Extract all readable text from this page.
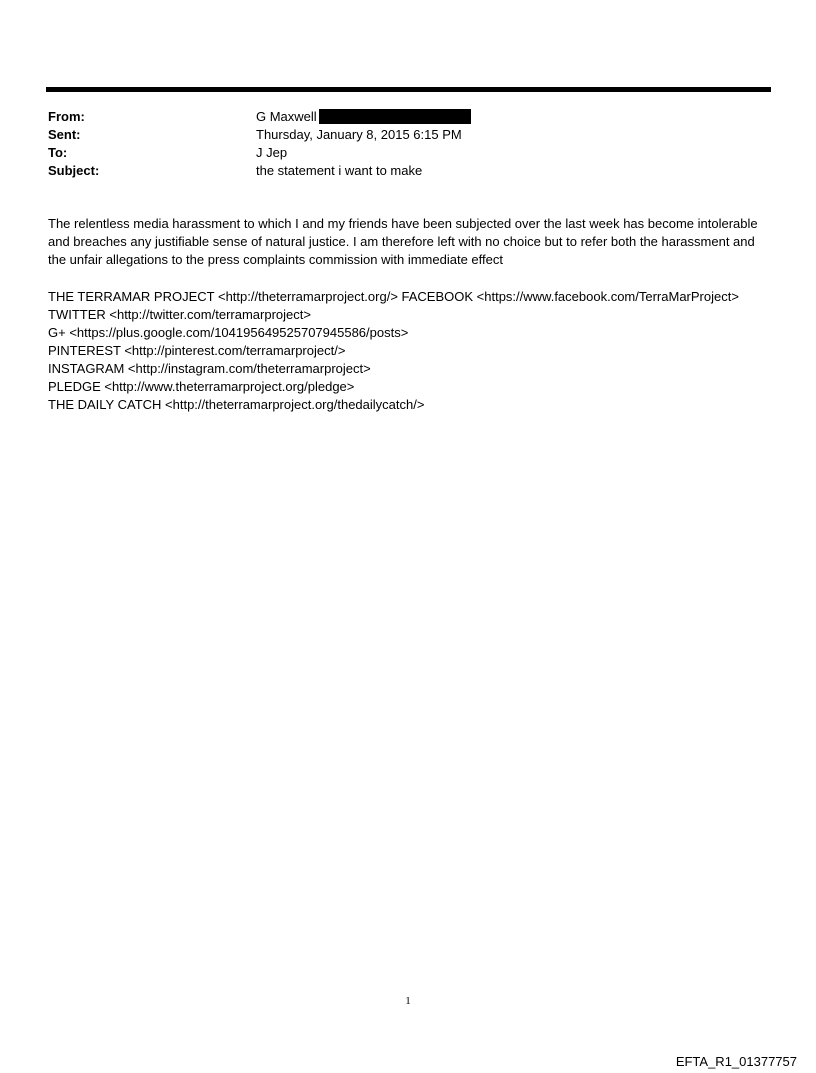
From:	G Maxwell
Sent:	Thursday, January 8, 2015 6:15 PM
To:	J Jep
Subject:	the statement i want to make

The relentless media harassment to which I and my friends have been subjected over the last week has become intolerable and breaches any justifiable sense of natural justice. I am therefore left with no choice but to refer both the harassment and the unfair allegations to the press complaints commission with immediate effect

THE TERRAMAR PROJECT <http://theterramarproject.org/> FACEBOOK <https://www.facebook.com/TerraMarProject>
TWITTER <http://twitter.com/terramarproject>
G+ <https://plus.google.com/104195649525707945586/posts>
PINTEREST <http://pinterest.com/terramarproject/>
INSTAGRAM <http://instagram.com/theterramarproject>
PLEDGE <http://www.theterramarproject.org/pledge>
THE DAILY CATCH <http://theterramarproject.org/thedailycatch/>
1
EFTA_R1_01377757
